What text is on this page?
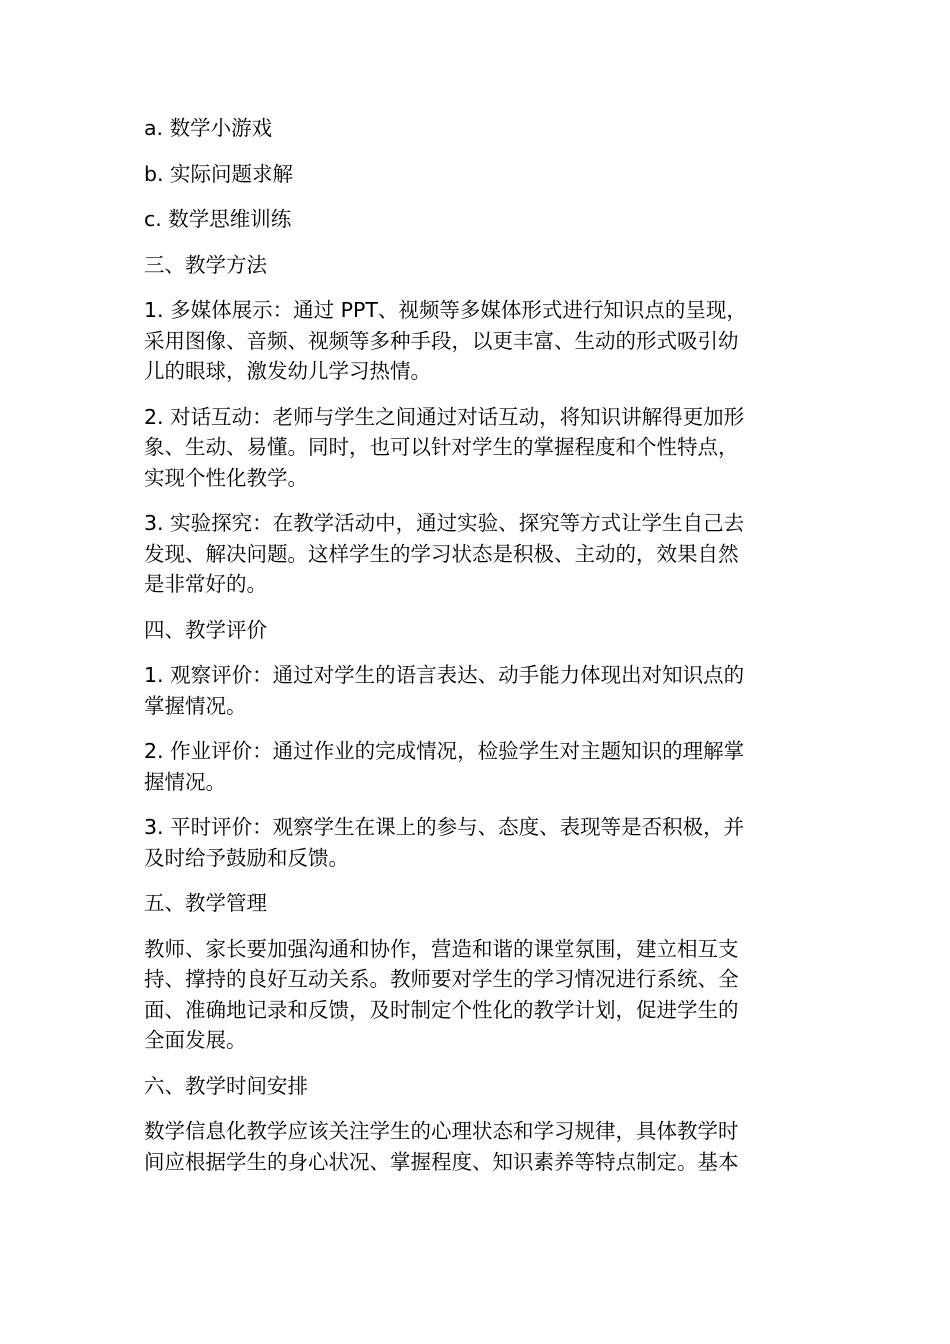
a. 数学小游戏

b. 实际问题求解

c. 数学思维训练

三、教学方法

1. 多媒体展示：通过 PPT、视频等多媒体形式进行知识点的呈现，
采用图像、音频、视频等多种手段，以更丰富、生动的形式吸引幼
儿的眼球，激发幼儿学习热情。

2. 对话互动：老师与学生之间通过对话互动，将知识讲解得更加形
象、生动、易懂。同时，也可以针对学生的掌握程度和个性特点，
实现个性化教学。

3. 实验探究：在教学活动中，通过实验、探究等方式让学生自己去
发现、解决问题。这样学生的学习状态是积极、主动的，效果自然
是非常好的。

四、教学评价

1. 观察评价：通过对学生的语言表达、动手能力体现出对知识点的
掌握情况。

2. 作业评价：通过作业的完成情况，检验学生对主题知识的理解掌
握情况。

3. 平时评价：观察学生在课上的参与、态度、表现等是否积极，并
及时给予鼓励和反馈。

五、教学管理

教师、家长要加强沟通和协作，营造和谐的课堂氛围，建立相互支
持、撑持的良好互动关系。教师要对学生的学习情况进行系统、全
面、准确地记录和反馈，及时制定个性化的教学计划，促进学生的
全面发展。

六、教学时间安排

数学信息化教学应该关注学生的心理状态和学习规律，具体教学时
间应根据学生的身心状况、掌握程度、知识素养等特点制定。基本
